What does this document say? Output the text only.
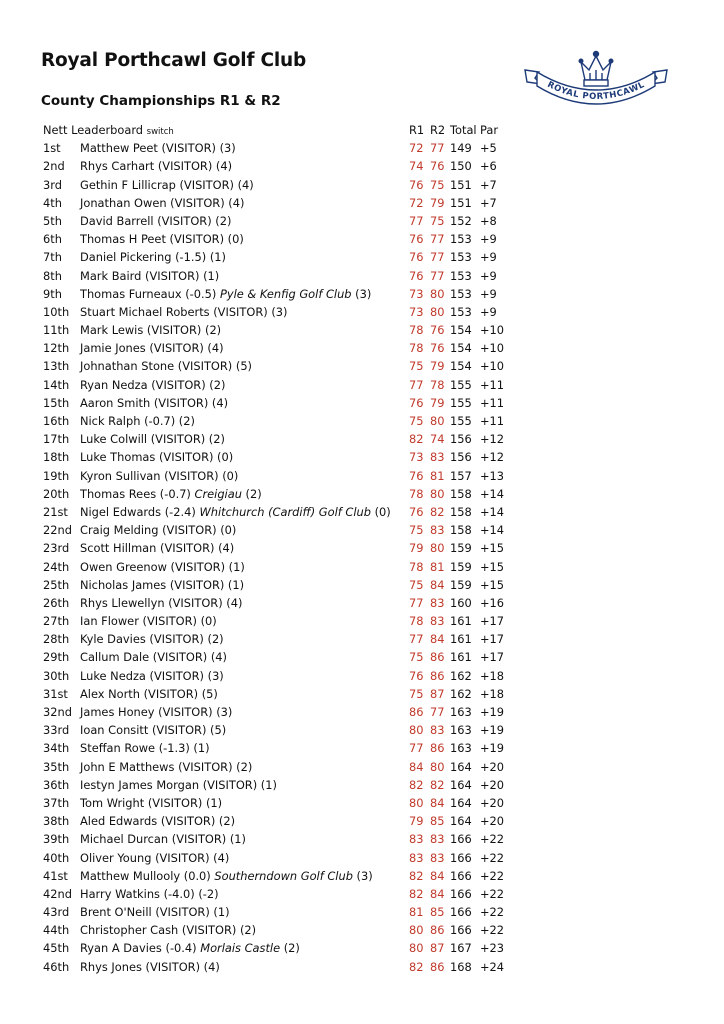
Royal Porthcawl Golf Club
County Championships R1 & R2
ROYAL PORTHCAWL
Nett Leaderboard switch	R1 R2 Total Par
1st Matthew Peet (VISITOR) (3)	72 77 149 +5
2nd Rhys Carhart (VISITOR) (4)	74 76 150 +6
3rd Gethin F Lillicrap (VISITOR) (4)	76 75 151 +7
4th Jonathan Owen (VISITOR) (4)	72 79 151 +7
5th David Barrell (VISITOR) (2)	77 75 152 +8
6th Thomas H Peet (VISITOR) (0)	76 77 153 +9
7th Daniel Pickering (-1.5) (1)	76 77 153 +9
8th Mark Baird (VISITOR) (1)	76 77 153 +9
9th Thomas Furneaux (-0.5) Pyle & Kenfig Golf Club (3)	73 80 153 +9
10th Stuart Michael Roberts (VISITOR) (3)	73 80 153 +9
11th Mark Lewis (VISITOR) (2)	78 76 154 +10
12th Jamie Jones (VISITOR) (4)	78 76 154 +10
13th Johnathan Stone (VISITOR) (5)	75 79 154 +10
14th Ryan Nedza (VISITOR) (2)	77 78 155 +11
15th Aaron Smith (VISITOR) (4)	76 79 155 +11
16th Nick Ralph (-0.7) (2)	75 80 155 +11
17th Luke Colwill (VISITOR) (2)	82 74 156 +12
18th Luke Thomas (VISITOR) (0)	73 83 156 +12
19th Kyron Sullivan (VISITOR) (0)	76 81 157 +13
20th Thomas Rees (-0.7) Creigiau (2)	78 80 158 +14
21st Nigel Edwards (-2.4) Whitchurch (Cardiff) Golf Club (0) 76 82 158 +14
22nd Craig Melding (VISITOR) (0)	75 83 158 +14
23rd Scott Hillman (VISITOR) (4)	79 80 159 +15
24th Owen Greenow (VISITOR) (1)	78 81 159 +15
25th Nicholas James (VISITOR) (1)	75 84 159 +15
26th Rhys Llewellyn (VISITOR) (4)	77 83 160 +16
27th Ian Flower (VISITOR) (0)	78 83 161 +17
28th Kyle Davies (VISITOR) (2)	77 84 161 +17
29th Callum Dale (VISITOR) (4)	75 86 161 +17
30th Luke Nedza (VISITOR) (3)	76 86 162 +18
31st Alex North (VISITOR) (5)	75 87 162 +18
32nd James Honey (VISITOR) (3)	86 77 163 +19
33rd Ioan Consitt (VISITOR) (5)	80 83 163 +19
34th Steffan Rowe (-1.3) (1)	77 86 163 +19
35th John E Matthews (VISITOR) (2)	84 80 164 +20
36th Iestyn James Morgan (VISITOR) (1)	82 82 164 +20
37th Tom Wright (VISITOR) (1)	80 84 164 +20
38th Aled Edwards (VISITOR) (2)	79 85 164 +20
39th Michael Durcan (VISITOR) (1)	83 83 166 +22
40th Oliver Young (VISITOR) (4)	83 83 166 +22
41st Matthew Mullooly (0.0) Southerndown Golf Club (3)	82 84 166 +22
42nd Harry Watkins (-4.0) (-2)	82 84 166 +22
43rd Brent O'Neill (VISITOR) (1)	81 85 166 +22
44th Christopher Cash (VISITOR) (2)	80 86 166 +22
45th Ryan A Davies (-0.4) Morlais Castle (2)	80 87 167 +23
46th Rhys Jones (VISITOR) (4)	82 86 168 +24
